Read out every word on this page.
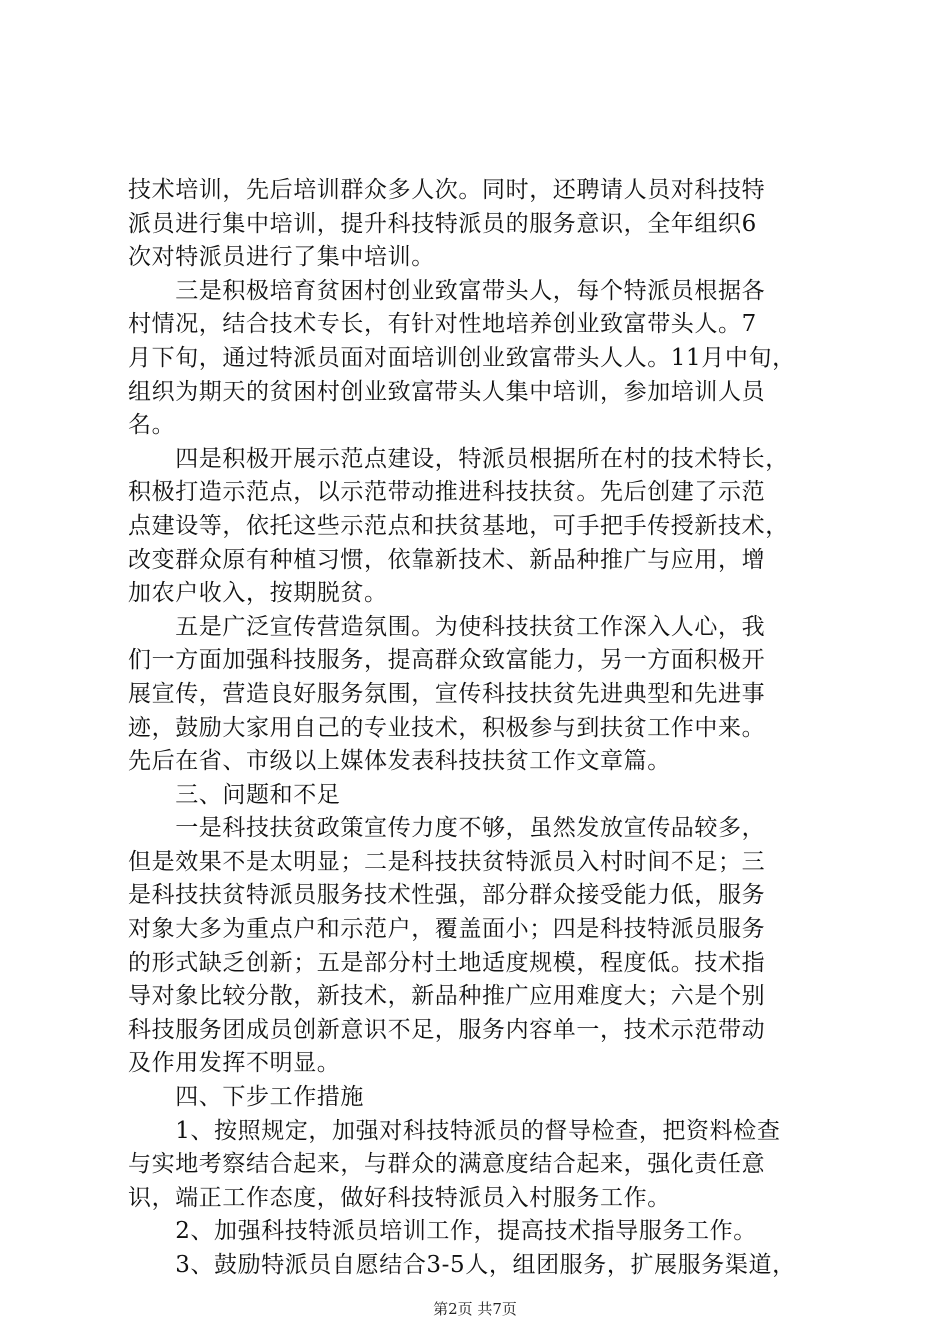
技术培训，先后培训群众多人次。同时，还聘请人员对科技特
派员进行集中培训，提升科技特派员的服务意识，全年组织6
次对特派员进行了集中培训。
　　三是积极培育贫困村创业致富带头人，每个特派员根据各
村情况，结合技术专长，有针对性地培养创业致富带头人。7
月下旬，通过特派员面对面培训创业致富带头人人。11月中旬，
组织为期天的贫困村创业致富带头人集中培训，参加培训人员
名。
　　四是积极开展示范点建设，特派员根据所在村的技术特长，
积极打造示范点，以示范带动推进科技扶贫。先后创建了示范
点建设等，依托这些示范点和扶贫基地，可手把手传授新技术，
改变群众原有种植习惯，依靠新技术、新品种推广与应用，增
加农户收入，按期脱贫。
　　五是广泛宣传营造氛围。为使科技扶贫工作深入人心，我
们一方面加强科技服务，提高群众致富能力，另一方面积极开
展宣传，营造良好服务氛围，宣传科技扶贫先进典型和先进事
迹，鼓励大家用自己的专业技术，积极参与到扶贫工作中来。
先后在省、市级以上媒体发表科技扶贫工作文章篇。
　　三、问题和不足
　　一是科技扶贫政策宣传力度不够，虽然发放宣传品较多，
但是效果不是太明显；二是科技扶贫特派员入村时间不足；三
是科技扶贫特派员服务技术性强，部分群众接受能力低，服务
对象大多为重点户和示范户，覆盖面小；四是科技特派员服务
的形式缺乏创新；五是部分村土地适度规模，程度低。技术指
导对象比较分散，新技术，新品种推广应用难度大；六是个别
科技服务团成员创新意识不足，服务内容单一，技术示范带动
及作用发挥不明显。
　　四、下步工作措施
　　1、按照规定，加强对科技特派员的督导检查，把资料检查
与实地考察结合起来，与群众的满意度结合起来，强化责任意
识，端正工作态度，做好科技特派员入村服务工作。
　　2、加强科技特派员培训工作，提高技术指导服务工作。
　　3、鼓励特派员自愿结合3-5人，组团服务，扩展服务渠道，
第2页 共7页
